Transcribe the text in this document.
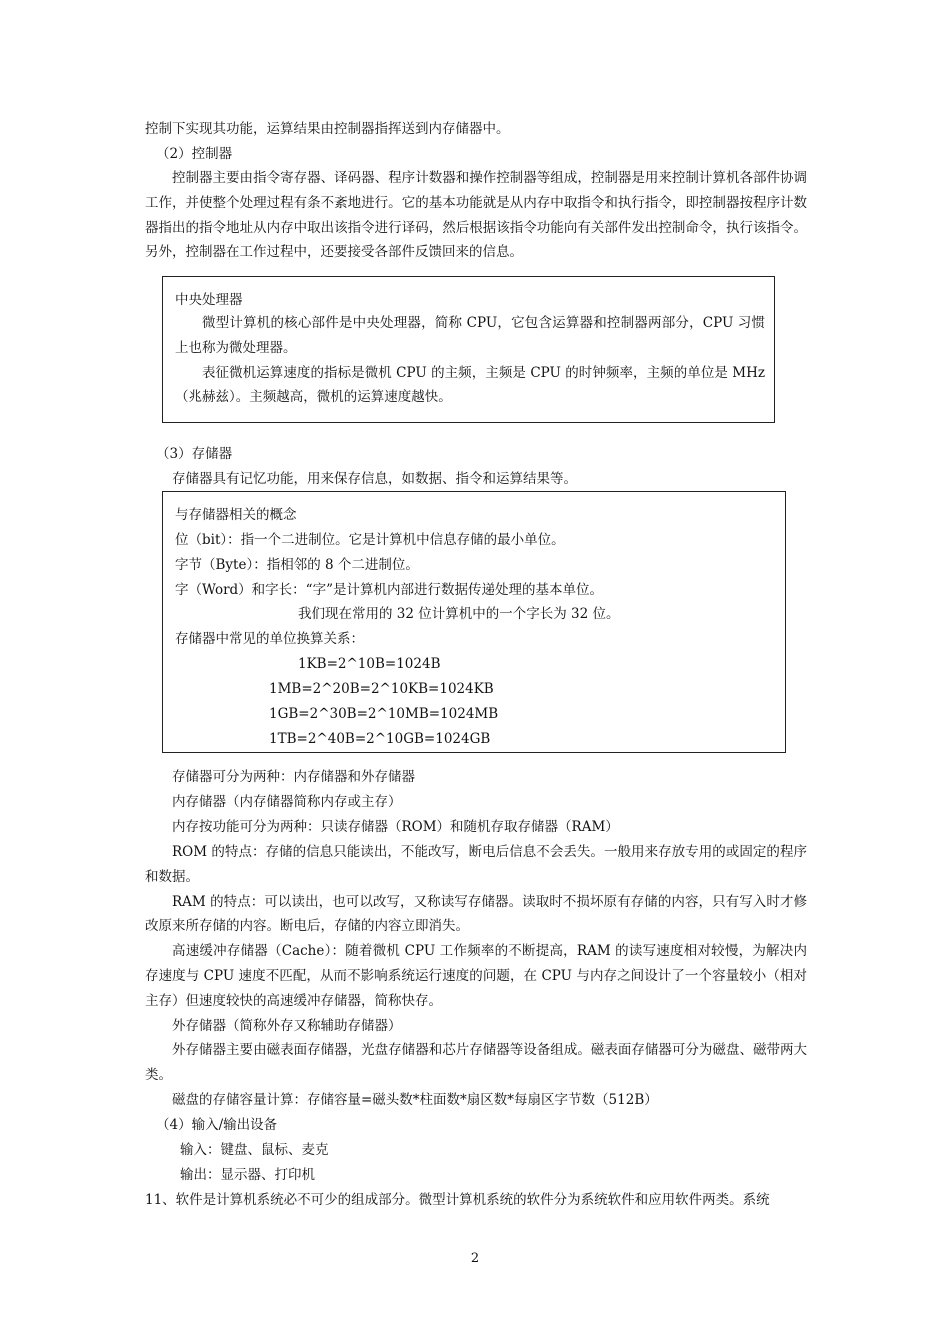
控制下实现其功能，运算结果由控制器指挥送到内存储器中。
（2）控制器

控制器主要由指令寄存器、译码器、程序计数器和操作控制器等组成，控制器是用来控制计算机各部件协调工作，并使整个处理过程有条不紊地进行。它的基本功能就是从内存中取指令和执行指令，即控制器按程序计数器指出的指令地址从内存中取出该指令进行译码，然后根据该指令功能向有关部件发出控制命令，执行该指令。另外，控制器在工作过程中，还要接受各部件反馈回来的信息。

中央处理器

微型计算机的核心部件是中央处理器，简称 CPU，它包含运算器和控制器两部分，CPU 习惯上也称为微处理器。

表征微机运算速度的指标是微机 CPU 的主频，主频是 CPU 的时钟频率，主频的单位是 MHz（兆赫兹）。主频越高，微机的运算速度越快。

（3）存储器
存储器具有记忆功能，用来保存信息，如数据、指令和运算结果等。
与存储器相关的概念
位（bit）：指一个二进制位。它是计算机中信息存储的最小单位。
字节（Byte）：指相邻的 8 个二进制位。
字（Word）和字长：“字”是计算机内部进行数据传递处理的基本单位。
我们现在常用的 32 位计算机中的一个字长为 32 位。
存储器中常见的单位换算关系：
1KB=2^10B=1024B
1MB=2^20B=2^10KB=1024KB
1GB=2^30B=2^10MB=1024MB
1TB=2^40B=2^10GB=1024GB
存储器可分为两种：内存储器和外存储器
内存储器（内存储器简称内存或主存）
内存按功能可分为两种：只读存储器（ROM）和随机存取存储器（RAM）

ROM 的特点：存储的信息只能读出，不能改写，断电后信息不会丢失。一般用来存放专用的或固定的程序和数据。

RAM 的特点：可以读出，也可以改写，又称读写存储器。读取时不损坏原有存储的内容，只有写入时才修改原来所存储的内容。断电后，存储的内容立即消失。

高速缓冲存储器（Cache）：随着微机 CPU 工作频率的不断提高，RAM 的读写速度相对较慢，为解决内存速度与 CPU 速度不匹配，从而不影响系统运行速度的问题，在 CPU 与内存之间设计了一个容量较小（相对主存）但速度较快的高速缓冲存储器，简称快存。

外存储器（简称外存又称辅助存储器）

外存储器主要由磁表面存储器，光盘存储器和芯片存储器等设备组成。磁表面存储器可分为磁盘、磁带两大类。

磁盘的存储容量计算：存储容量=磁头数*柱面数*扇区数*每扇区字节数（512B）

（4）输入/输出设备
输入：键盘、鼠标、麦克
输出：显示器、打印机
11、软件是计算机系统必不可少的组成部分。微型计算机系统的软件分为系统软件和应用软件两类。系统
2
